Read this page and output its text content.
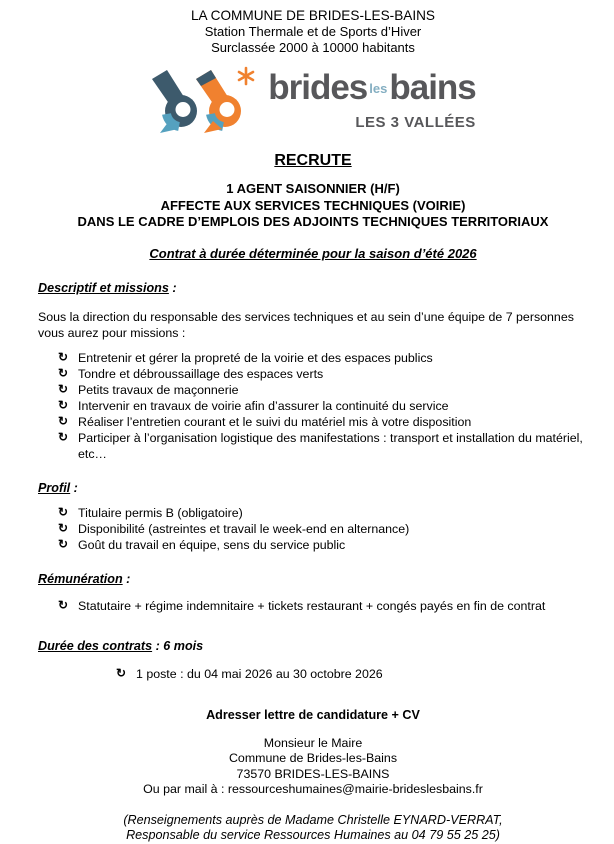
LA COMMUNE DE BRIDES-LES-BAINS
Station Thermale et de Sports d’Hiver
Surclassée 2000 à 10000 habitants
brides lesbains
LES 3 VALLÉES
RECRUTE
1 AGENT SAISONNIER (H/F)
AFFECTE AUX SERVICES TECHNIQUES (VOIRIE)
DANS LE CADRE D’EMPLOIS DES ADJOINTS TECHNIQUES TERRITORIAUX
Contrat à durée déterminée pour la saison d’été 2026
Descriptif et missions :

Sous la direction du responsable des services techniques et au sein d’une équipe de 7 personnes vous aurez pour missions :

↻ Entretenir et gérer la propreté de la voirie et des espaces publics
↻ Tondre et débroussaillage des espaces verts
↻ Petits travaux de maçonnerie
↻ Intervenir en travaux de voirie afin d’assurer la continuité du service
↻ Réaliser l’entretien courant et le suivi du matériel mis à votre disposition
↻ Participer à l’organisation logistique des manifestations : transport et installation du matériel, etc…
Profil :
↻ Titulaire permis B (obligatoire)
↻ Disponibilité (astreintes et travail le week-end en alternance)
↻ Goût du travail en équipe, sens du service public
Rémunération :
↻ Statutaire + régime indemnitaire + tickets restaurant + congés payés en fin de contrat
Durée des contrats : 6 mois
↻ 1 poste : du 04 mai 2026 au 30 octobre 2026
Adresser lettre de candidature + CV
Monsieur le Maire
Commune de Brides-les-Bains
73570 BRIDES-LES-BAINS
Ou par mail à : ressourceshumaines@mairie-brideslesbains.fr
(Renseignements auprès de Madame Christelle EYNARD-VERRAT,
Responsable du service Ressources Humaines au 04 79 55 25 25)
